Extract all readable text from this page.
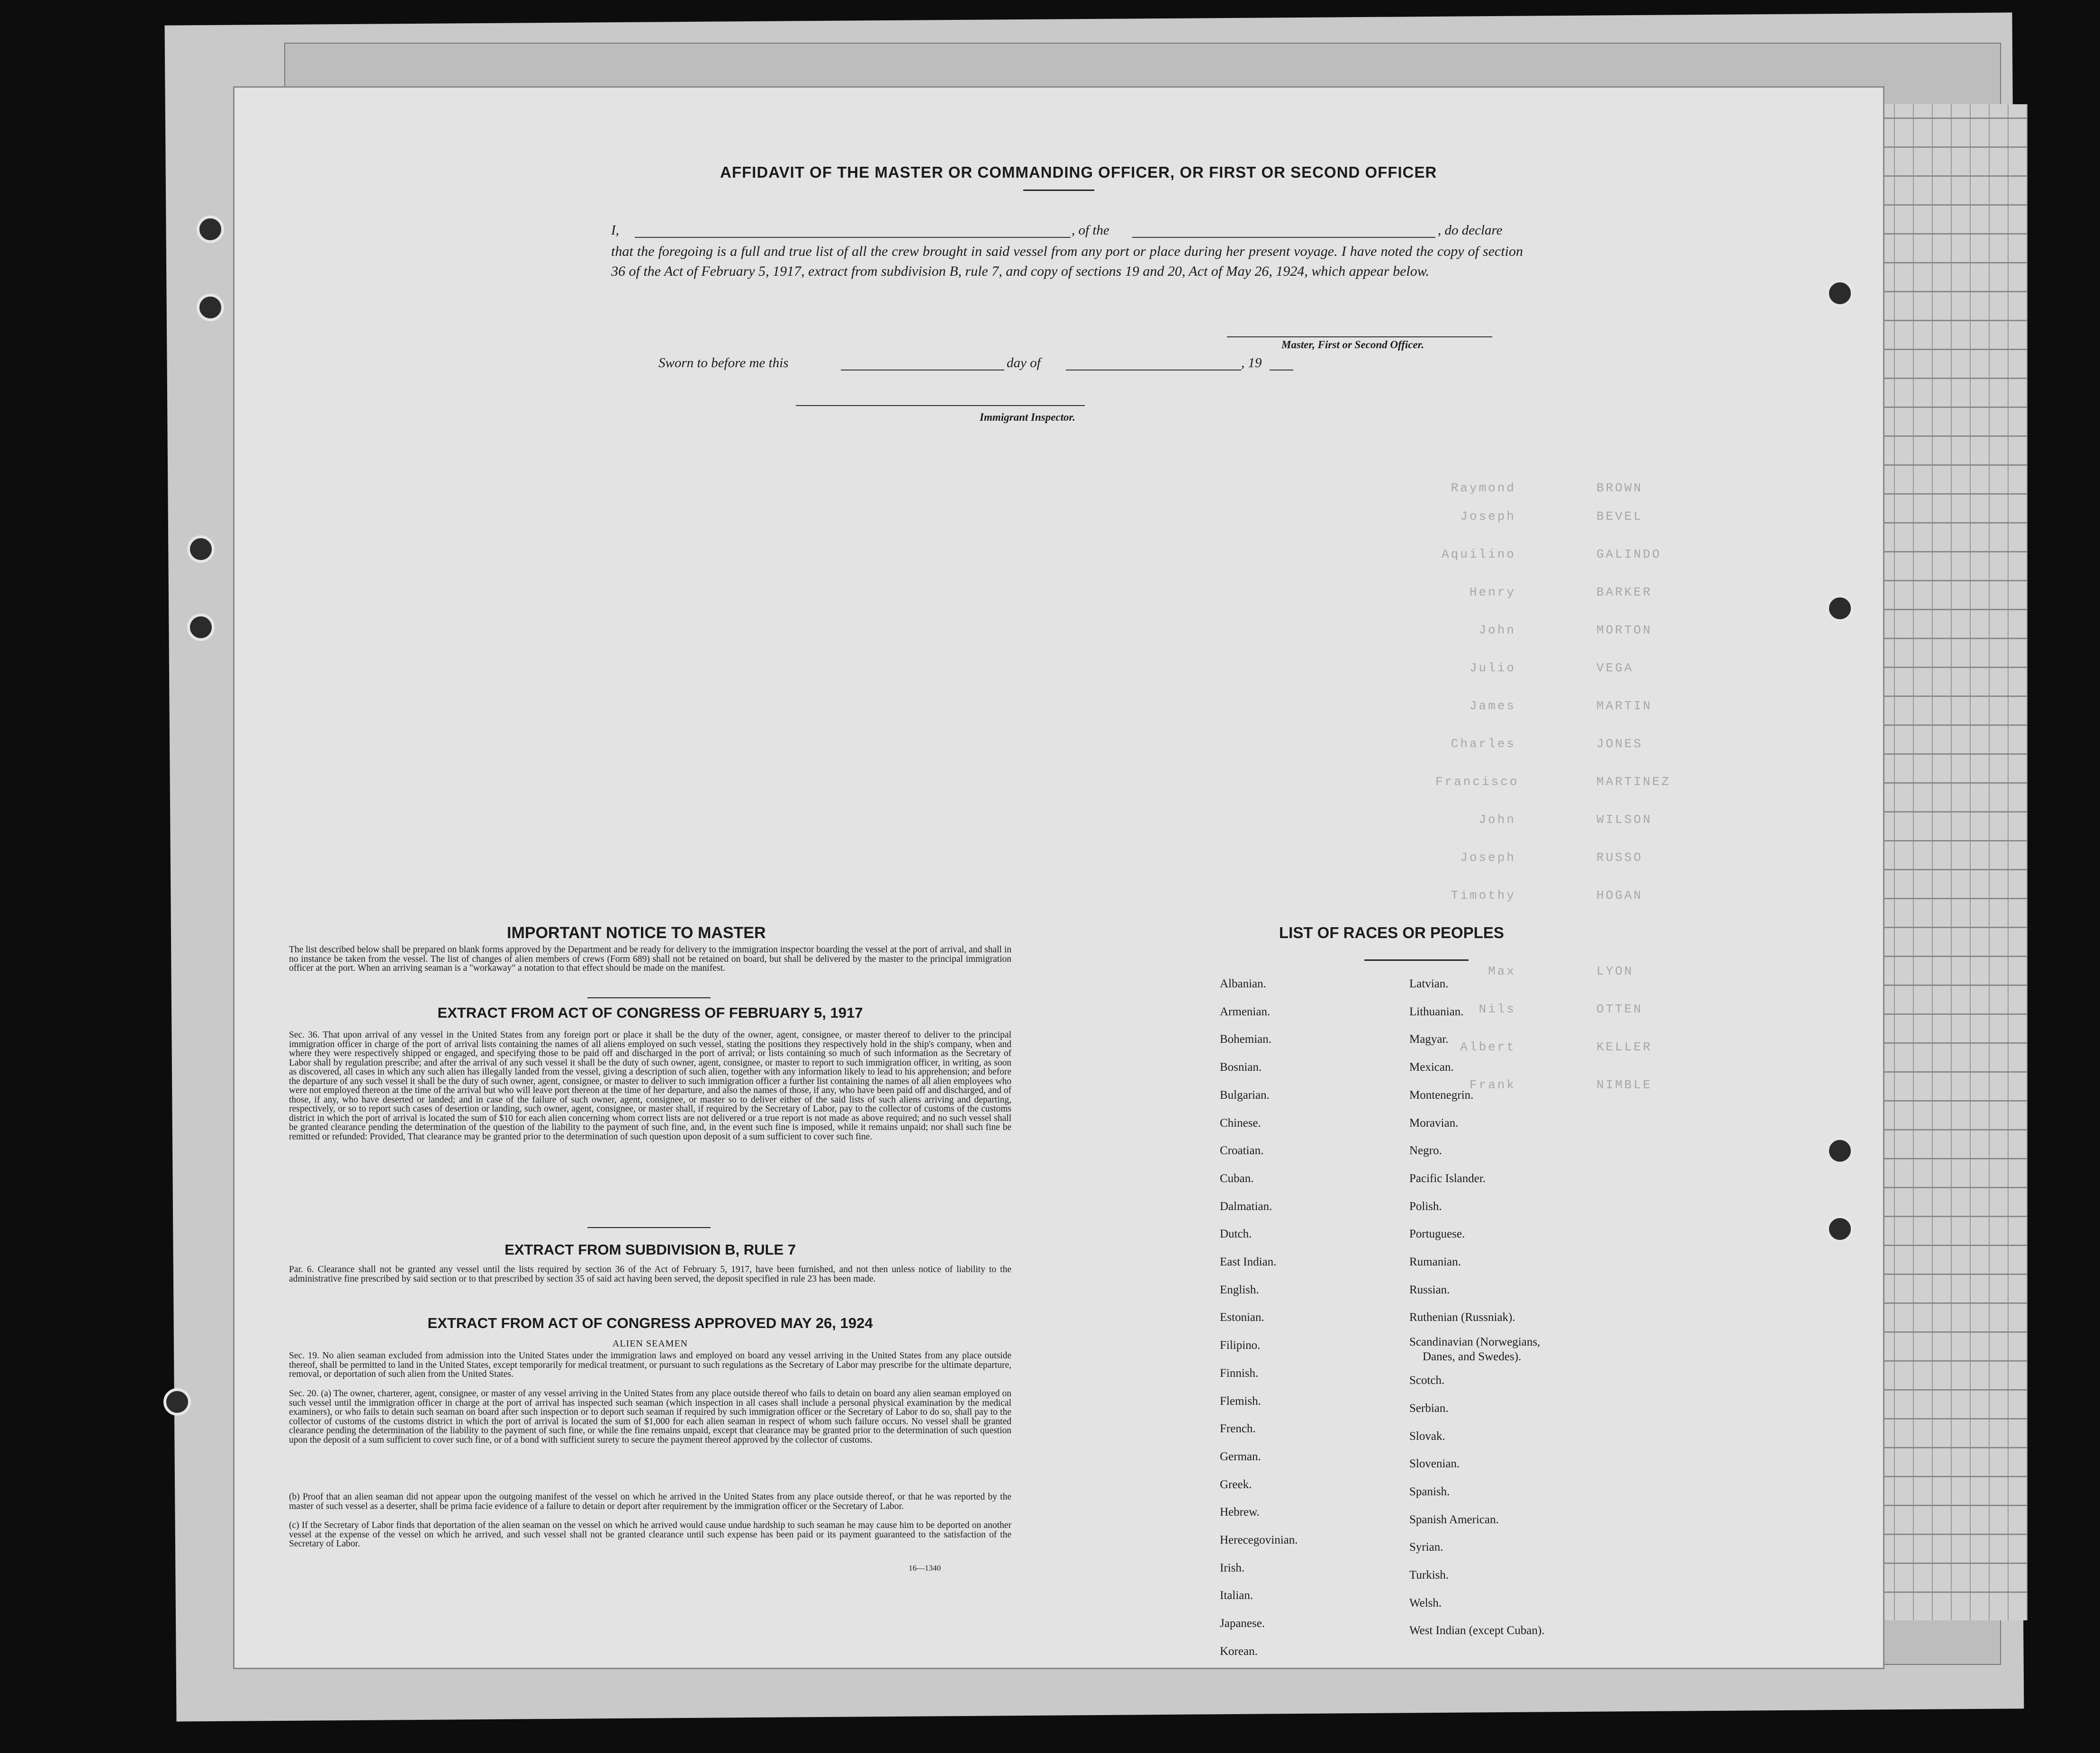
Raymond	BROWN
Joseph	BEVEL
Aquilino	GALINDO
Henry	BARKER
John	MORTON
Julio	VEGA
James	MARTIN
Charles	JONES
Francisco	MARTINEZ
John	WILSON
Joseph	RUSSO
Timothy	HOGAN
Max	LYON
Nils	OTTEN
Albert	KELLER
Frank	NIMBLE
AFFIDAVIT OF THE MASTER OR COMMANDING OFFICER, OR FIRST OR SECOND OFFICER
I,	, of the	, do declare
that the foregoing is a full and true list of all the crew brought in said vessel from any port or place during her present voyage. I have noted the copy of section 36 of the Act of February 5, 1917, extract from subdivision B, rule 7, and copy of sections 19 and 20, Act of May 26, 1924, which appear below.
Master, First or Second Officer.
Sworn to before me this	day of	, 19
Immigrant Inspector.
IMPORTANT NOTICE TO MASTER
The list described below shall be prepared on blank forms approved by the Department and be ready for delivery to the immigration inspector boarding the vessel at the port of arrival, and shall in no instance be taken from the vessel. The list of changes of alien members of crews (Form 689) shall not be retained on board, but shall be delivered by the master to the principal immigration officer at the port. When an arriving seaman is a "workaway" a notation to that effect should be made on the manifest.
EXTRACT FROM ACT OF CONGRESS OF FEBRUARY 5, 1917
Sec. 36. That upon arrival of any vessel in the United States from any foreign port or place it shall be the duty of the owner, agent, consignee, or master thereof to deliver to the principal immigration officer in charge of the port of arrival lists containing the names of all aliens employed on such vessel, stating the positions they respectively hold in the ship's company, when and where they were respectively shipped or engaged, and specifying those to be paid off and discharged in the port of arrival; or lists containing so much of such information as the Secretary of Labor shall by regulation prescribe; and after the arrival of any such vessel it shall be the duty of such owner, agent, consignee, or master to report to such immigration officer, in writing, as soon as discovered, all cases in which any such alien has illegally landed from the vessel, giving a description of such alien, together with any information likely to lead to his apprehension; and before the departure of any such vessel it shall be the duty of such owner, agent, consignee, or master to deliver to such immigration officer a further list containing the names of all alien employees who were not employed thereon at the time of the arrival but who will leave port thereon at the time of her departure, and also the names of those, if any, who have been paid off and discharged, and of those, if any, who have deserted or landed; and in case of the failure of such owner, agent, consignee, or master so to deliver either of the said lists of such aliens arriving and departing, respectively, or so to report such cases of desertion or landing, such owner, agent, consignee, or master shall, if required by the Secretary of Labor, pay to the collector of customs of the customs district in which the port of arrival is located the sum of $10 for each alien concerning whom correct lists are not delivered or a true report is not made as above required; and no such vessel shall be granted clearance pending the determination of the question of the liability to the payment of such fine, and, in the event such fine is imposed, while it remains unpaid; nor shall such fine be remitted or refunded: Provided, That clearance may be granted prior to the determination of such question upon deposit of a sum sufficient to cover such fine.
EXTRACT FROM SUBDIVISION B, RULE 7
Par. 6. Clearance shall not be granted any vessel until the lists required by section 36 of the Act of February 5, 1917, have been furnished, and not then unless notice of liability to the administrative fine prescribed by said section or to that prescribed by section 35 of said act having been served, the deposit specified in rule 23 has been made.
EXTRACT FROM ACT OF CONGRESS APPROVED MAY 26, 1924
ALIEN SEAMEN
Sec. 19. No alien seaman excluded from admission into the United States under the immigration laws and employed on board any vessel arriving in the United States from any place outside thereof, shall be permitted to land in the United States, except temporarily for medical treatment, or pursuant to such regulations as the Secretary of Labor may prescribe for the ultimate departure, removal, or deportation of such alien from the United States.
Sec. 20. (a) The owner, charterer, agent, consignee, or master of any vessel arriving in the United States from any place outside thereof who fails to detain on board any alien seaman employed on such vessel until the immigration officer in charge at the port of arrival has inspected such seaman (which inspection in all cases shall include a personal physical examination by the medical examiners), or who fails to detain such seaman on board after such inspection or to deport such seaman if required by such immigration officer or the Secretary of Labor to do so, shall pay to the collector of customs of the customs district in which the port of arrival is located the sum of $1,000 for each alien seaman in respect of whom such failure occurs. No vessel shall be granted clearance pending the determination of the liability to the payment of such fine, or while the fine remains unpaid, except that clearance may be granted prior to the determination of such question upon the deposit of a sum sufficient to cover such fine, or of a bond with sufficient surety to secure the payment thereof approved by the collector of customs.
(b) Proof that an alien seaman did not appear upon the outgoing manifest of the vessel on which he arrived in the United States from any place outside thereof, or that he was reported by the master of such vessel as a deserter, shall be prima facie evidence of a failure to detain or deport after requirement by the immigration officer or the Secretary of Labor.
(c) If the Secretary of Labor finds that deportation of the alien seaman on the vessel on which he arrived would cause undue hardship to such seaman he may cause him to be deported on another vessel at the expense of the vessel on which he arrived, and such vessel shall not be granted clearance until such expense has been paid or its payment guaranteed to the satisfaction of the Secretary of Labor.
16—1340
LIST OF RACES OR PEOPLES
Albanian.
Armenian.
Bohemian.
Bosnian.
Bulgarian.
Chinese.
Croatian.
Cuban.
Dalmatian.
Dutch.
East Indian.
English.
Estonian.
Filipino.
Finnish.
Flemish.
French.
German.
Greek.
Hebrew.
Herecegovinian.
Irish.
Italian.
Japanese.
Korean.
Latvian.
Lithuanian.
Magyar.
Mexican.
Montenegrin.
Moravian.
Negro.
Pacific Islander.
Polish.
Portuguese.
Rumanian.
Russian.
Ruthenian (Russniak).
Scandinavian (Norwegians,
Danes, and Swedes).
Scotch.
Serbian.
Slovak.
Slovenian.
Spanish.
Spanish American.
Syrian.
Turkish.
Welsh.
West Indian (except Cuban).
